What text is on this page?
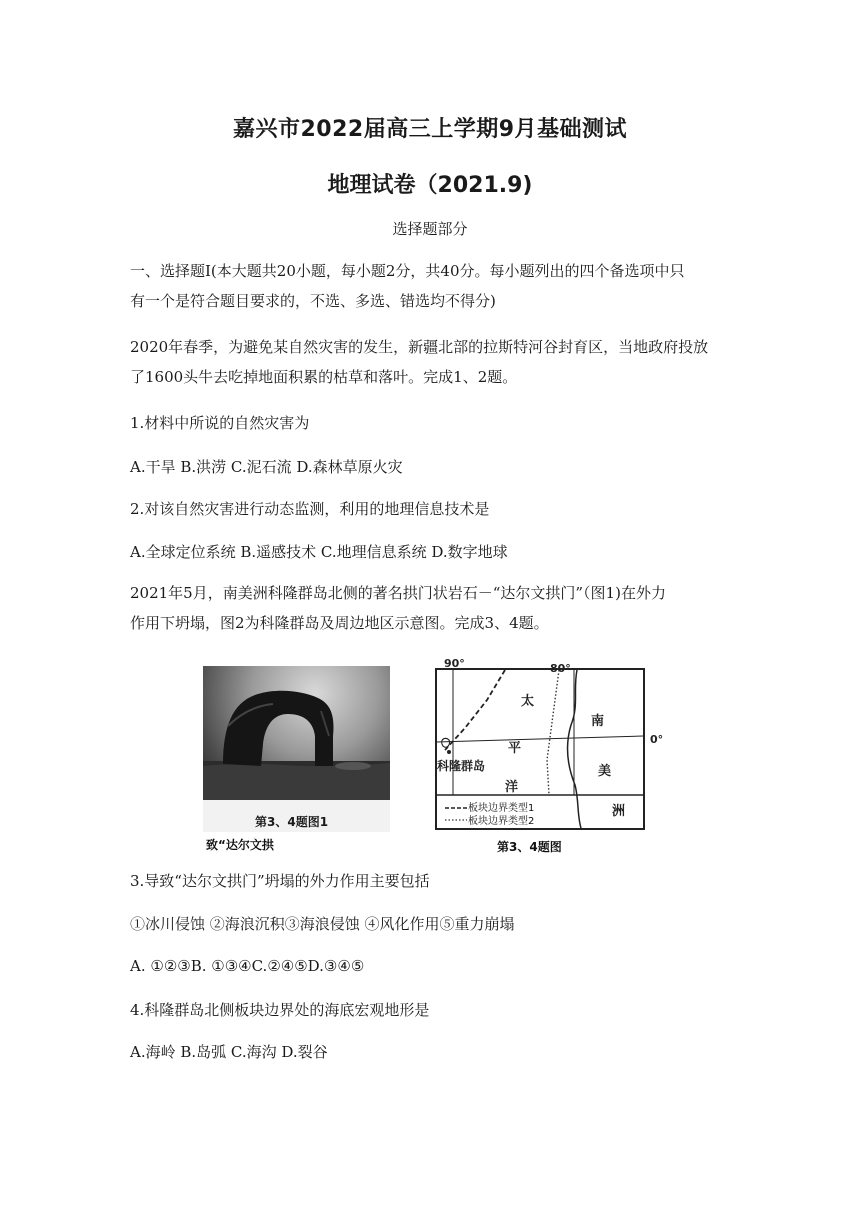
嘉兴市2022届高三上学期9月基础测试
地理试卷（2021.9)
选择题部分
一、选择题Ⅰ(本大题共20小题，每小题2分，共40分。每小题列出的四个备选项中只
有一个是符合题目要求的，不选、多选、错选均不得分)
2020年春季，为避免某自然灾害的发生，新疆北部的拉斯特河谷封育区，当地政府投放
了1600头牛去吃掉地面积累的枯草和落叶。完成1、2题。
1.材料中所说的自然灾害为
A.干旱 B.洪涝 C.泥石流 D.森林草原火灾
2.对该自然灾害进行动态监测，利用的地理信息技术是
A.全球定位系统 B.遥感技术 C.地理信息系统 D.数字地球
2021年5月，南美洲科隆群岛北侧的著名拱门状岩石－“达尔文拱门”（图1)在外力
作用下坍塌，图2为科隆群岛及周边地区示意图。完成3、4题。
第3、4题图1
致“达尔文拱
90°	80°
0°
太
平
洋
南
美
洲
科隆群岛
板块边界类型1
板块边界类型2
第3、4题图
3.导致“达尔文拱门”坍塌的外力作用主要包括
①冰川侵蚀 ②海浪沉积③海浪侵蚀 ④风化作用⑤重力崩塌
A. ①②③B. ①③④C.②④⑤D.③④⑤
4.科隆群岛北侧板块边界处的海底宏观地形是
A.海岭 B.岛弧 C.海沟 D.裂谷
